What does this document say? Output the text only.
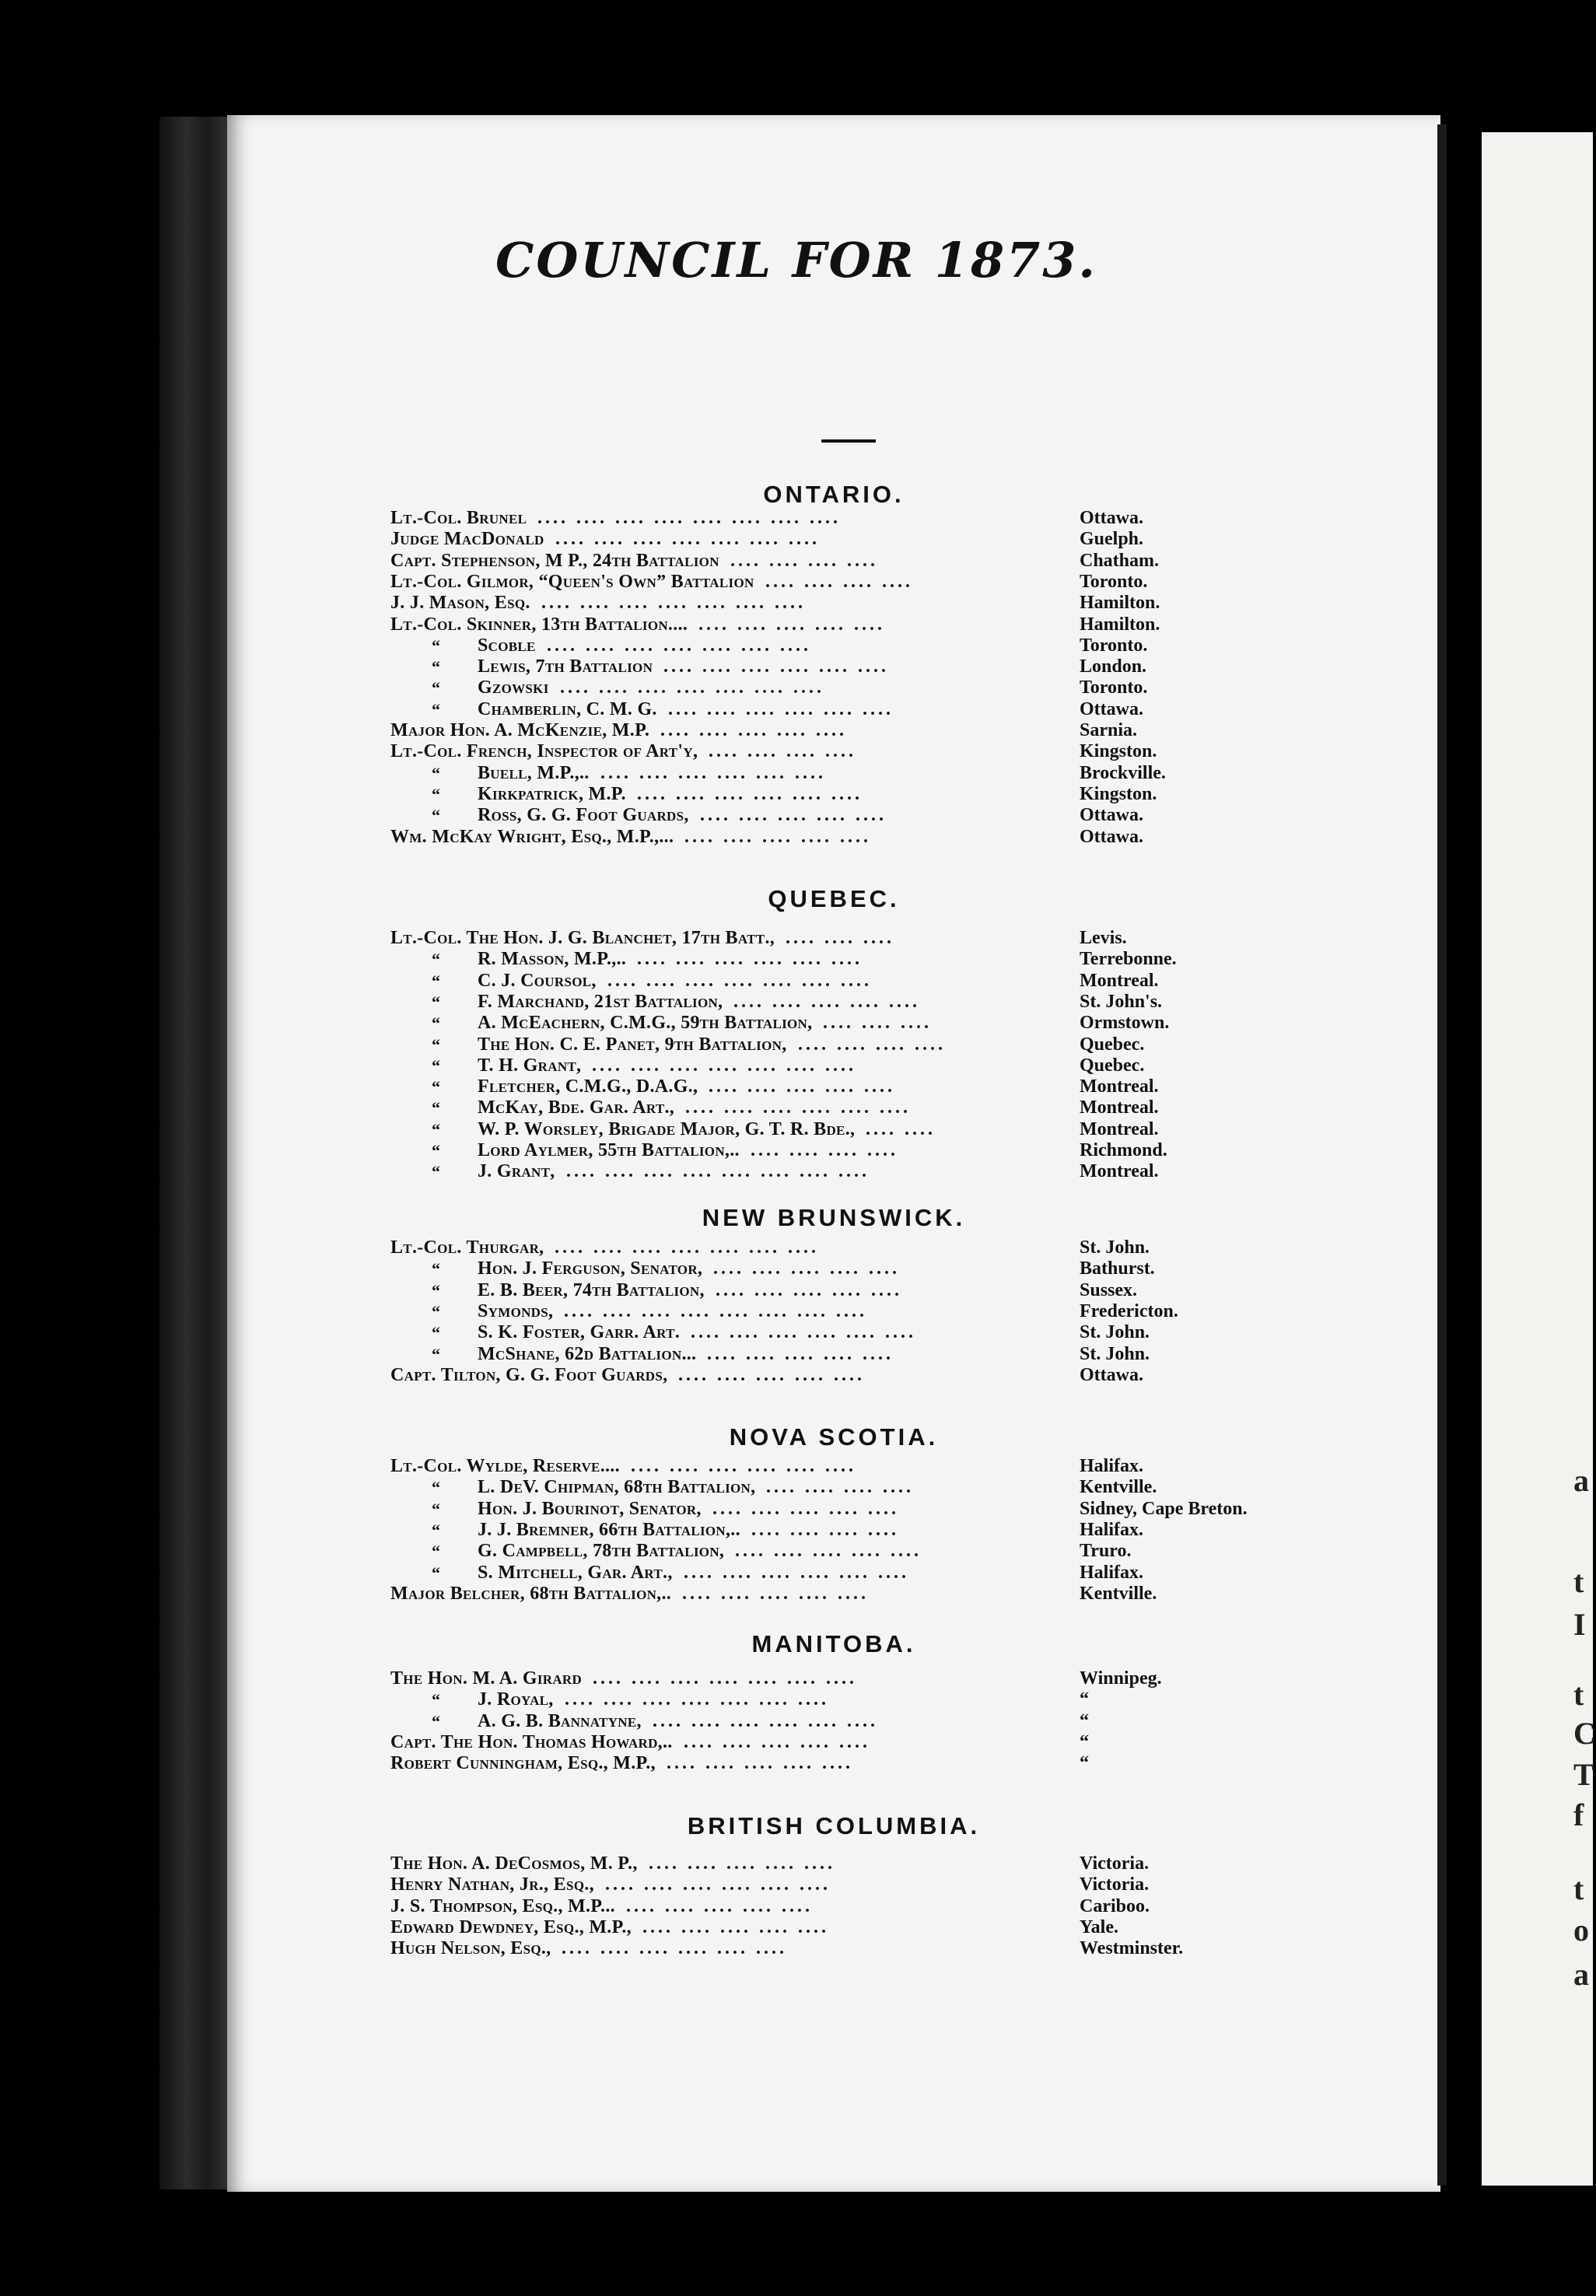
a
t
I
t
C
T
f
t
o
a
COUNCIL FOR 1873.
ONTARIO.
Lt.-Col. Brunel .... .... .... .... .... .... .... ....	Ottawa.
Judge MacDonald .... .... .... .... .... .... ....	Guelph.
Capt. Stephenson, M P., 24th Battalion .... .... .... ....	Chatham.
Lt.-Col. Gilmor, “Queen's Own” Battalion .... .... .... ....	Toronto.
J. J. Mason, Esq. .... .... .... .... .... .... ....	Hamilton.
Lt.-Col. Skinner, 13th Battalion.... .... .... .... .... ....	Hamilton.
“ Scoble .... .... .... .... .... .... ....	Toronto.
“ Lewis, 7th Battalion .... .... .... .... .... ....	London.
“ Gzowski .... .... .... .... .... .... ....	Toronto.
“ Chamberlin, C. M. G. .... .... .... .... .... ....	Ottawa.
Major Hon. A. McKenzie, M.P. .... .... .... .... ....	Sarnia.
Lt.-Col. French, Inspector of Art'y, .... .... .... ....	Kingston.
“ Buell, M.P.,.. .... .... .... .... .... ....	Brockville.
“ Kirkpatrick, M.P. .... .... .... .... .... ....	Kingston.
“ Ross, G. G. Foot Guards, .... .... .... .... ....	Ottawa.
Wm. McKay Wright, Esq., M.P.,... .... .... .... .... ....	Ottawa.
QUEBEC.
Lt.-Col. The Hon. J. G. Blanchet, 17th Batt., .... .... ....	Levis.
“ R. Masson, M.P.,.. .... .... .... .... .... ....	Terrebonne.
“ C. J. Coursol, .... .... .... .... .... .... ....	Montreal.
“ F. Marchand, 21st Battalion, .... .... .... .... ....	St. John's.
“ A. McEachern, C.M.G., 59th Battalion, .... .... ....	Ormstown.
“ The Hon. C. E. Panet, 9th Battalion, .... .... .... ....	Quebec.
“ T. H. Grant, .... .... .... .... .... .... ....	Quebec.
“ Fletcher, C.M.G., D.A.G., .... .... .... .... ....	Montreal.
“ McKay, Bde. Gar. Art., .... .... .... .... .... ....	Montreal.
“ W. P. Worsley, Brigade Major, G. T. R. Bde., .... ....	Montreal.
“ Lord Aylmer, 55th Battalion,.. .... .... .... ....	Richmond.
“ J. Grant, .... .... .... .... .... .... .... ....	Montreal.
NEW BRUNSWICK.
Lt.-Col. Thurgar, .... .... .... .... .... .... ....	St. John.
“ Hon. J. Ferguson, Senator, .... .... .... .... ....	Bathurst.
“ E. B. Beer, 74th Battalion, .... .... .... .... ....	Sussex.
“ Symonds, .... .... .... .... .... .... .... ....	Fredericton.
“ S. K. Foster, Garr. Art. .... .... .... .... .... ....	St. John.
“ McShane, 62d Battalion... .... .... .... .... ....	St. John.
Capt. Tilton, G. G. Foot Guards, .... .... .... .... ....	Ottawa.
NOVA SCOTIA.
Lt.-Col. Wylde, Reserve.... .... .... .... .... .... ....	Halifax.
“ L. DeV. Chipman, 68th Battalion, .... .... .... ....	Kentville.
“ Hon. J. Bourinot, Senator, .... .... .... .... ....	Sidney, Cape Breton.
“ J. J. Bremner, 66th Battalion,.. .... .... .... ....	Halifax.
“ G. Campbell, 78th Battalion, .... .... .... .... ....	Truro.
“ S. Mitchell, Gar. Art., .... .... .... .... .... ....	Halifax.
Major Belcher, 68th Battalion,.. .... .... .... .... ....	Kentville.
MANITOBA.
The Hon. M. A. Girard .... .... .... .... .... .... ....	Winnipeg.
“ J. Royal, .... .... .... .... .... .... ....	“
“ A. G. B. Bannatyne, .... .... .... .... .... ....	“
Capt. The Hon. Thomas Howard,.. .... .... .... .... ....	“
Robert Cunningham, Esq., M.P., .... .... .... .... ....	“
BRITISH COLUMBIA.
The Hon. A. DeCosmos, M. P., .... .... .... .... ....	Victoria.
Henry Nathan, Jr., Esq., .... .... .... .... .... ....	Victoria.
J. S. Thompson, Esq., M.P... .... .... .... .... ....	Cariboo.
Edward Dewdney, Esq., M.P., .... .... .... .... ....	Yale.
Hugh Nelson, Esq., .... .... .... .... .... ....	Westminster.
